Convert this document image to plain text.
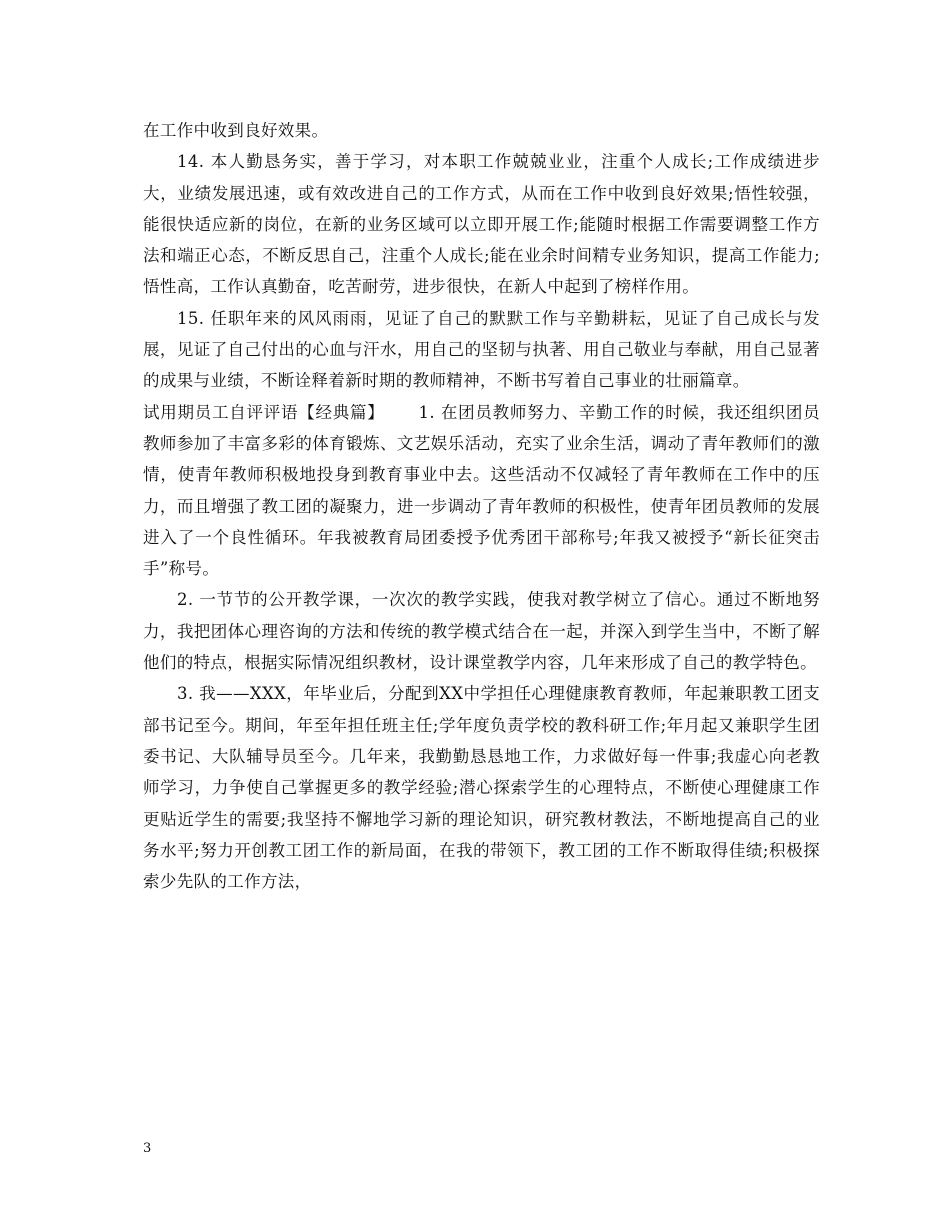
在工作中收到良好效果。

14. 本人勤恳务实，善于学习，对本职工作兢兢业业，注重个人成长;工作成绩进步大，业绩发展迅速，或有效改进自己的工作方式，从而在工作中收到良好效果;悟性较强，能很快适应新的岗位，在新的业务区域可以立即开展工作;能随时根据工作需要调整工作方法和端正心态，不断反思自己，注重个人成长;能在业余时间精专业务知识，提高工作能力;悟性高，工作认真勤奋，吃苦耐劳，进步很快，在新人中起到了榜样作用。

15. 任职年来的风风雨雨，见证了自己的默默工作与辛勤耕耘，见证了自己成长与发展，见证了自己付出的心血与汗水，用自己的坚韧与执著、用自己敬业与奉献，用自己显著的成果与业绩，不断诠释着新时期的教师精神，不断书写着自己事业的壮丽篇章。

试用期员工自评评语【经典篇】 1. 在团员教师努力、辛勤工作的时候，我还组织团员教师参加了丰富多彩的体育锻炼、文艺娱乐活动，充实了业余生活，调动了青年教师们的激情，使青年教师积极地投身到教育事业中去。这些活动不仅减轻了青年教师在工作中的压力，而且增强了教工团的凝聚力，进一步调动了青年教师的积极性，使青年团员教师的发展进入了一个良性循环。年我被教育局团委授予优秀团干部称号;年我又被授予“新长征突击手”称号。

2. 一节节的公开教学课，一次次的教学实践，使我对教学树立了信心。通过不断地努力，我把团体心理咨询的方法和传统的教学模式结合在一起，并深入到学生当中，不断了解他们的特点，根据实际情况组织教材，设计课堂教学内容，几年来形成了自己的教学特色。

3. 我——XXX，年毕业后，分配到XX中学担任心理健康教育教师，年起兼职教工团支部书记至今。期间，年至年担任班主任;学年度负责学校的教科研工作;年月起又兼职学生团委书记、大队辅导员至今。几年来，我勤勤恳恳地工作，力求做好每一件事;我虚心向老教师学习，力争使自己掌握更多的教学经验;潜心探索学生的心理特点，不断使心理健康工作更贴近学生的需要;我坚持不懈地学习新的理论知识，研究教材教法，不断地提高自己的业务水平;努力开创教工团工作的新局面，在我的带领下，教工团的工作不断取得佳绩;积极探索少先队的工作方法，

3
